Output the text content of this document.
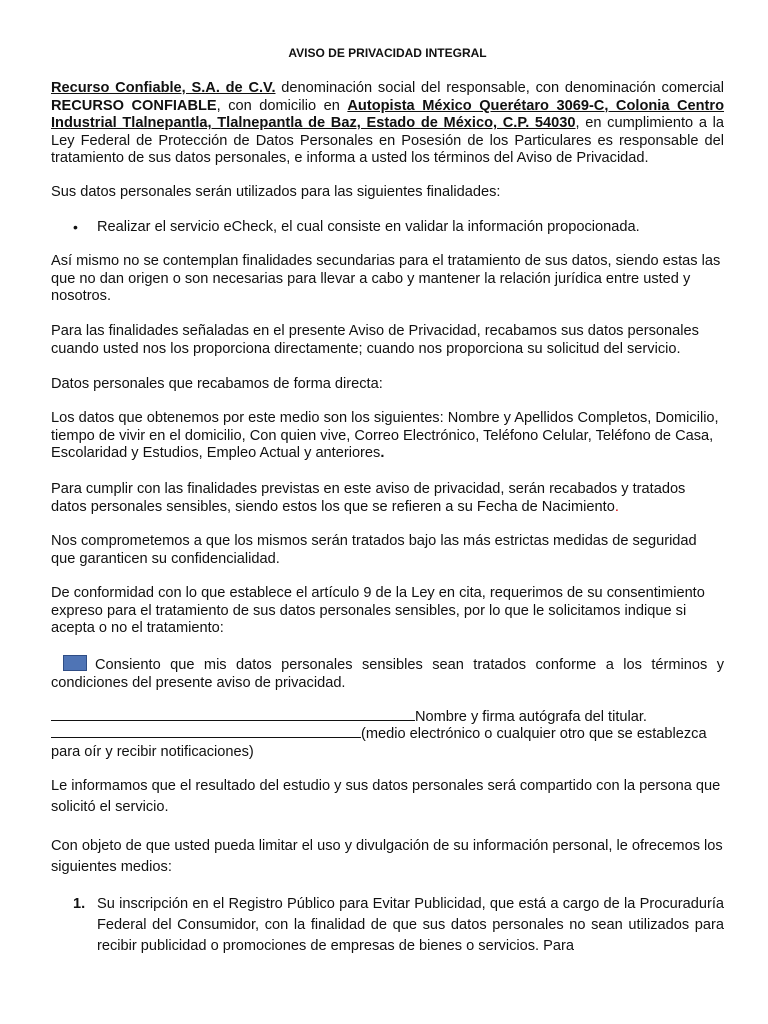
AVISO DE PRIVACIDAD INTEGRAL

Recurso Confiable, S.A. de C.V. denominación social del responsable, con denominación comercial RECURSO CONFIABLE, con domicilio en Autopista México Querétaro 3069-C, Colonia Centro Industrial Tlalnepantla, Tlalnepantla de Baz, Estado de México, C.P. 54030, en cumplimiento a la Ley Federal de Protección de Datos Personales en Posesión de los Particulares es responsable del tratamiento de sus datos personales, e informa a usted los términos del Aviso de Privacidad.

Sus datos personales serán utilizados para las siguientes finalidades:

• Realizar el servicio eCheck, el cual consiste en validar la información propocionada.

Así mismo no se contemplan finalidades secundarias para el tratamiento de sus datos, siendo estas las que no dan origen o son necesarias para llevar a cabo y mantener la relación jurídica entre usted y nosotros.

Para las finalidades señaladas en el presente Aviso de Privacidad, recabamos sus datos personales cuando usted nos los proporciona directamente; cuando nos proporciona su solicitud del servicio.

Datos personales que recabamos de forma directa:

Los datos que obtenemos por este medio son los siguientes: Nombre y Apellidos Completos, Domicilio, tiempo de vivir en el domicilio, Con quien vive, Correo Electrónico, Teléfono Celular, Teléfono de Casa, Escolaridad y Estudios, Empleo Actual y anteriores.

Para cumplir con las finalidades previstas en este aviso de privacidad, serán recabados y tratados datos personales sensibles, siendo estos los que se refieren a su Fecha de Nacimiento.

Nos comprometemos a que los mismos serán tratados bajo las más estrictas medidas de seguridad que garanticen su confidencialidad.

De conformidad con lo que establece el artículo 9 de la Ley en cita, requerimos de su consentimiento expreso para el tratamiento de sus datos personales sensibles, por lo que le solicitamos indique si acepta o no el tratamiento:

Consiento que mis datos personales sensibles sean tratados conforme a los términos y condiciones del presente aviso de privacidad.

Nombre y firma autógrafa del titular.

(medio electrónico o cualquier otro que se establezca para oír y recibir notificaciones)

Le informamos que el resultado del estudio y sus datos personales será compartido con la persona que solicitó el servicio.

Con objeto de que usted pueda limitar el uso y divulgación de su información personal, le ofrecemos los siguientes medios:

1. Su inscripción en el Registro Público para Evitar Publicidad, que está a cargo de la Procuraduría Federal del Consumidor, con la finalidad de que sus datos personales no sean utilizados para recibir publicidad o promociones de empresas de bienes o servicios. Para
